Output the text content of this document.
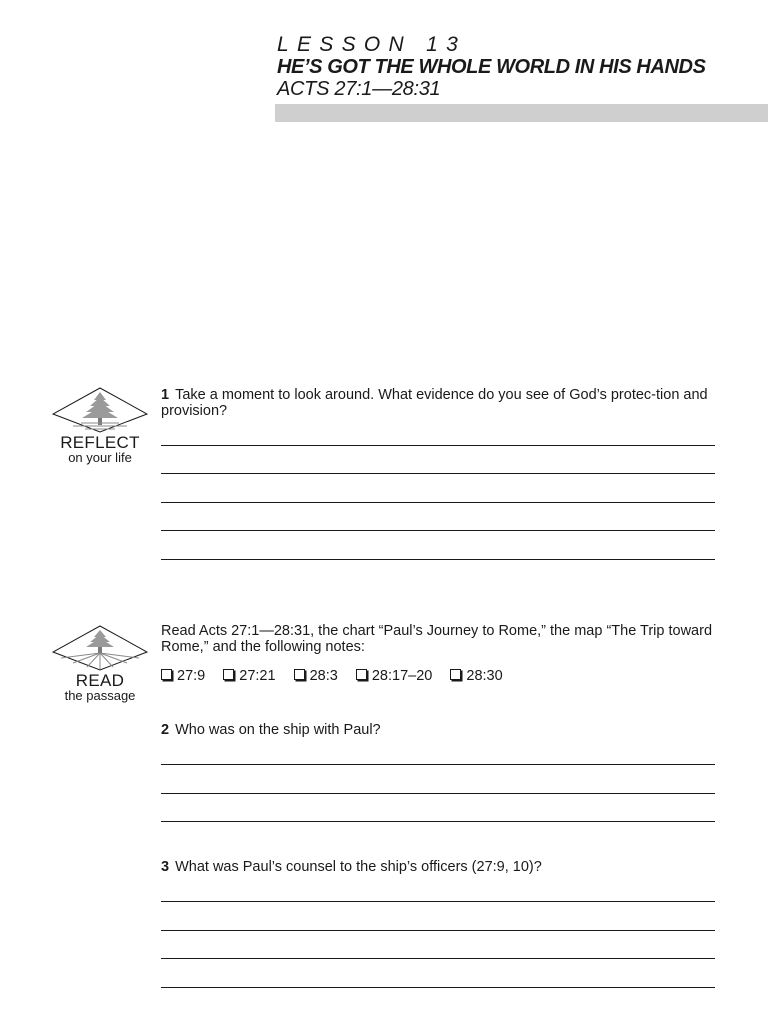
LESSON 13
HE’S GOT THE WHOLE WORLD IN HIS HANDS
ACTS 27:1—28:31
REFLECT
on your life
1 Take a moment to look around. What evidence do you see of God’s protec-tion and provision?
READ
the passage
Read Acts 27:1—28:31, the chart “Paul’s Journey to Rome,” the map “The Trip toward Rome,” and the following notes:
27:9 27:21 28:3 28:17–20 28:30
2 Who was on the ship with Paul?
3 What was Paul’s counsel to the ship’s officers (27:9, 10)?
